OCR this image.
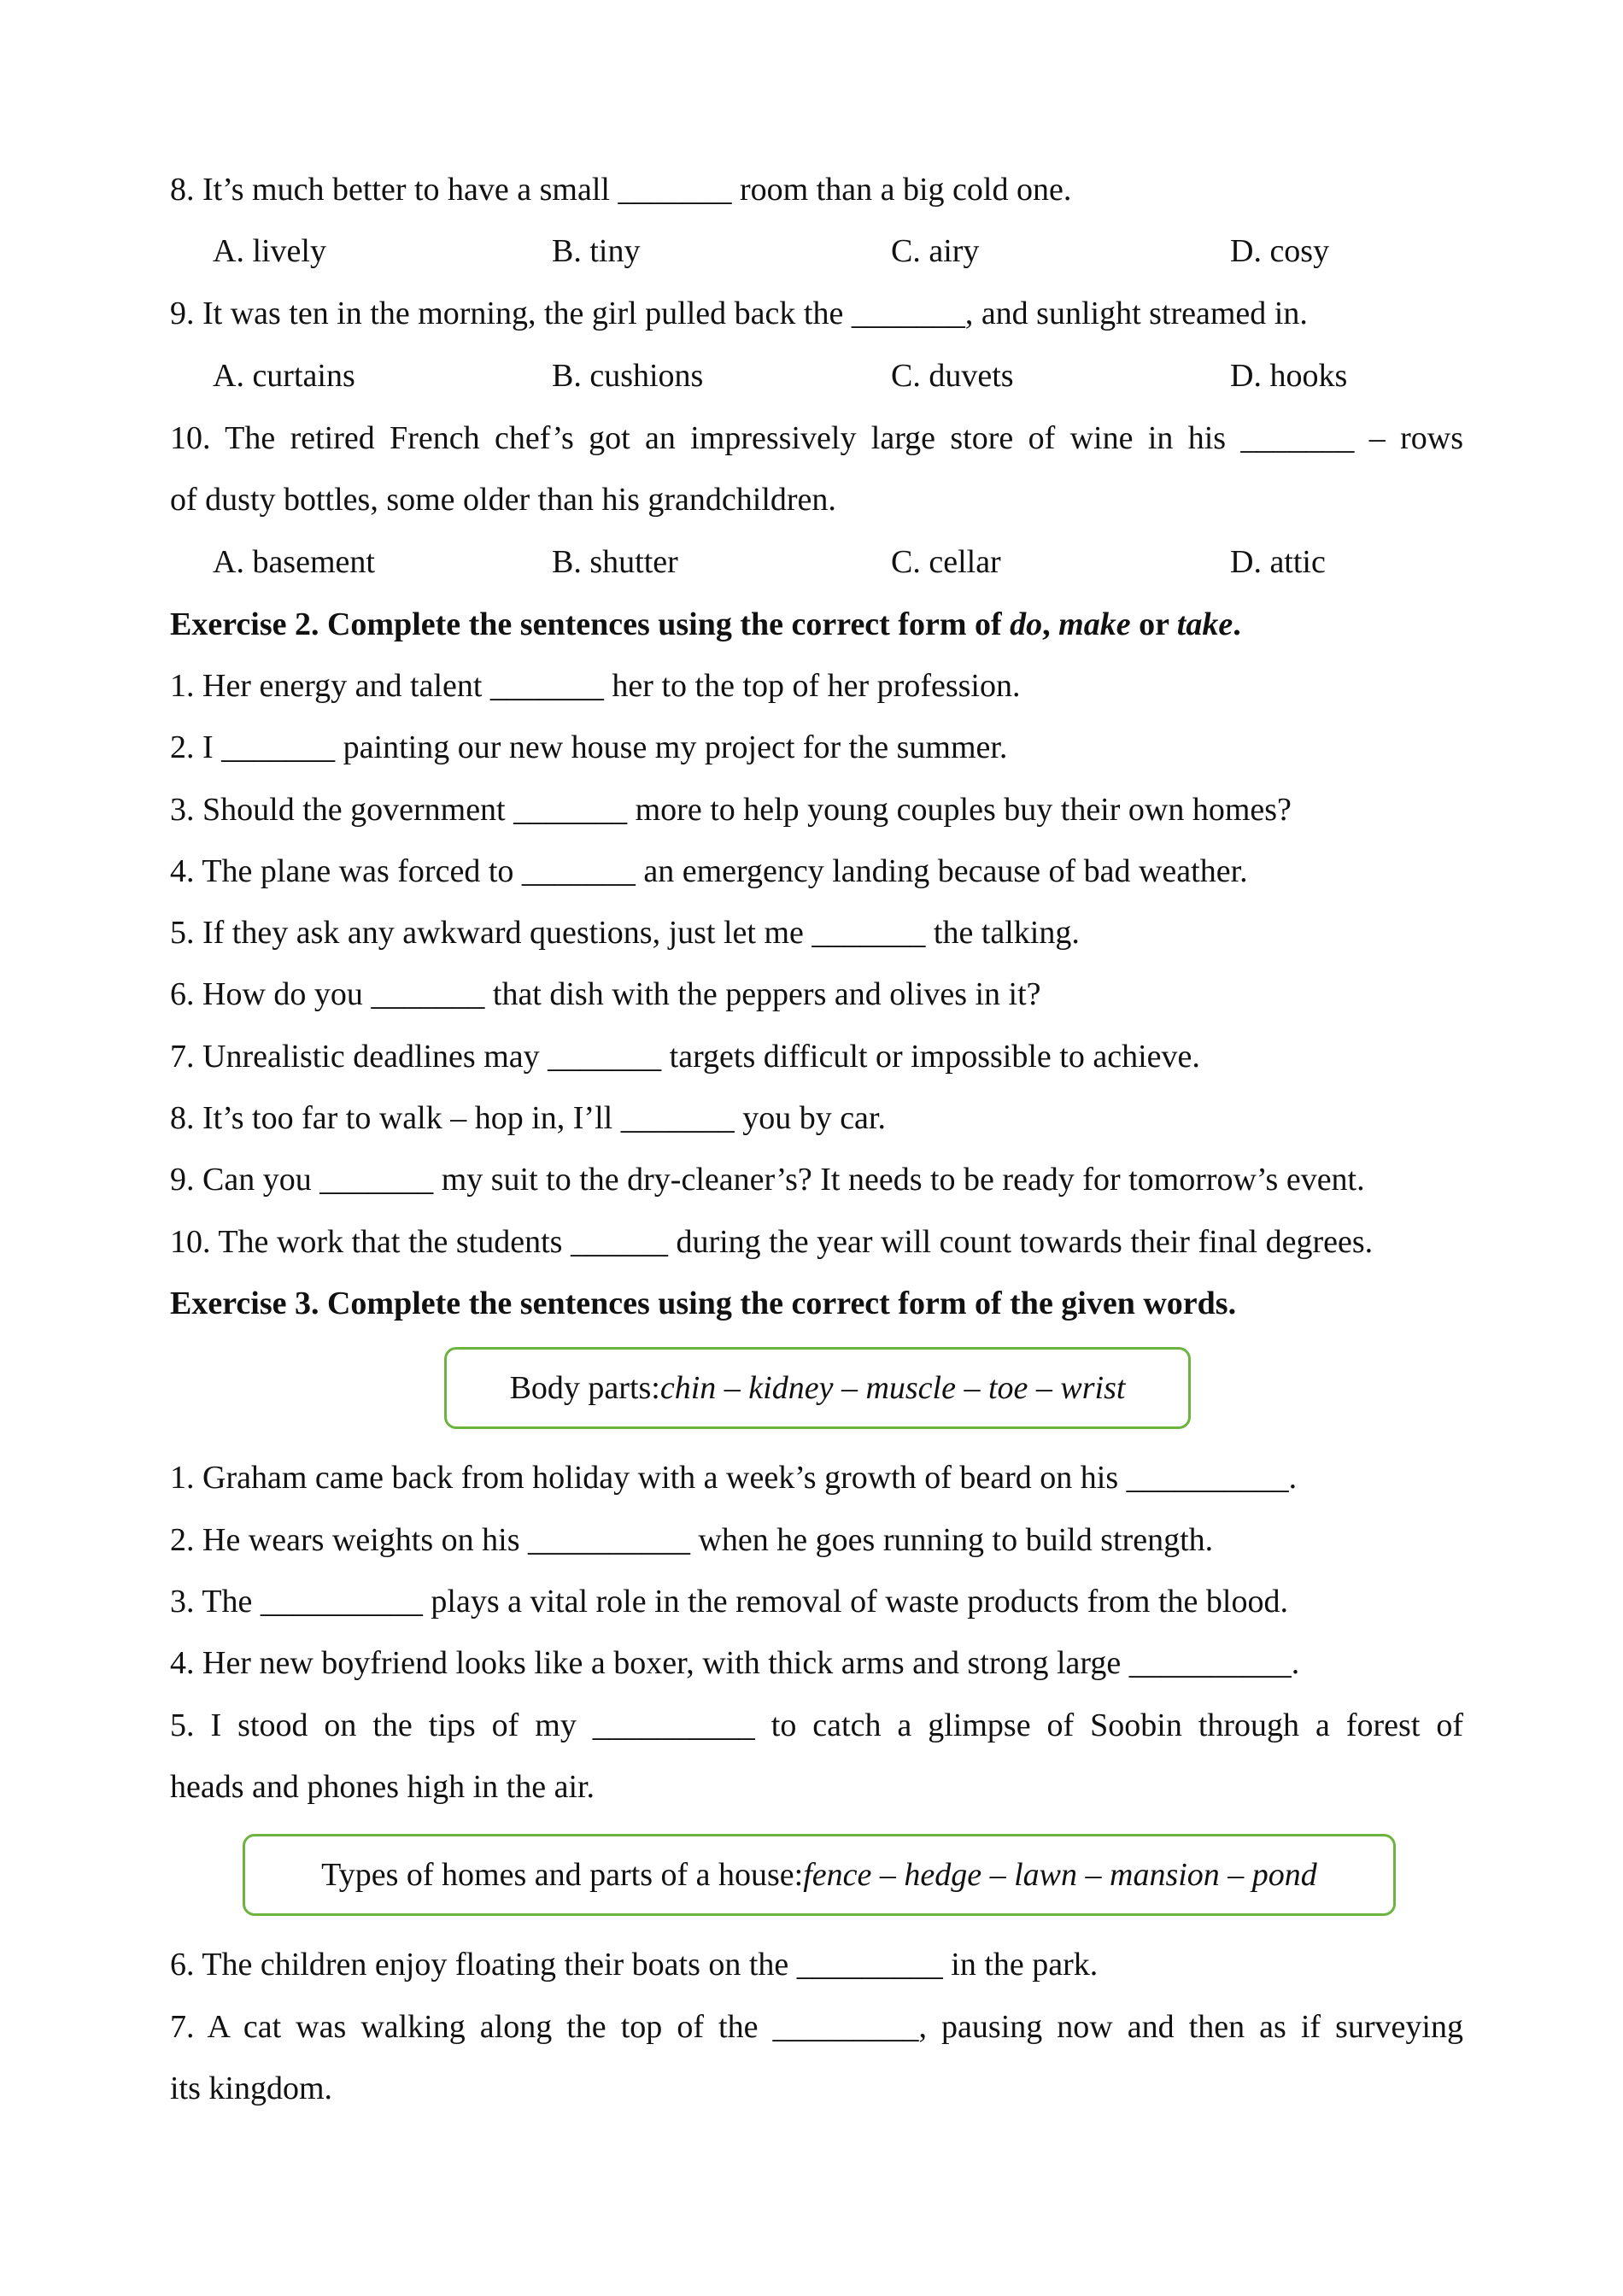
8. It’s much better to have a small _______ room than a big cold one.
A. lively	B. tiny	C. airy	D. cosy
9. It was ten in the morning, the girl pulled back the _______, and sunlight streamed in.
A. curtains	B. cushions	C. duvets	D. hooks
10. The retired French chef’s got an impressively large store of wine in his _______ – rows
of dusty bottles, some older than his grandchildren.
A. basement	B. shutter	C. cellar	D. attic
Exercise 2. Complete the sentences using the correct form of do, make or take.
1. Her energy and talent _______ her to the top of her profession.
2. I _______ painting our new house my project for the summer.
3. Should the government _______ more to help young couples buy their own homes?
4. The plane was forced to _______ an emergency landing because of bad weather.
5. If they ask any awkward questions, just let me _______ the talking.
6. How do you _______ that dish with the peppers and olives in it?
7. Unrealistic deadlines may _______ targets difficult or impossible to achieve.
8. It’s too far to walk – hop in, I’ll _______ you by car.
9. Can you _______ my suit to the dry-cleaner’s? It needs to be ready for tomorrow’s event.
10. The work that the students ______ during the year will count towards their final degrees.
Exercise 3. Complete the sentences using the correct form of the given words.
Body parts: chin – kidney – muscle – toe – wrist
1. Graham came back from holiday with a week’s growth of beard on his __________.
2. He wears weights on his __________ when he goes running to build strength.
3. The __________ plays a vital role in the removal of waste products from the blood.
4. Her new boyfriend looks like a boxer, with thick arms and strong large __________.
5. I stood on the tips of my __________ to catch a glimpse of Soobin through a forest of
heads and phones high in the air.
Types of homes and parts of a house: fence – hedge – lawn – mansion – pond
6. The children enjoy floating their boats on the _________ in the park.
7. A cat was walking along the top of the _________, pausing now and then as if surveying
its kingdom.
